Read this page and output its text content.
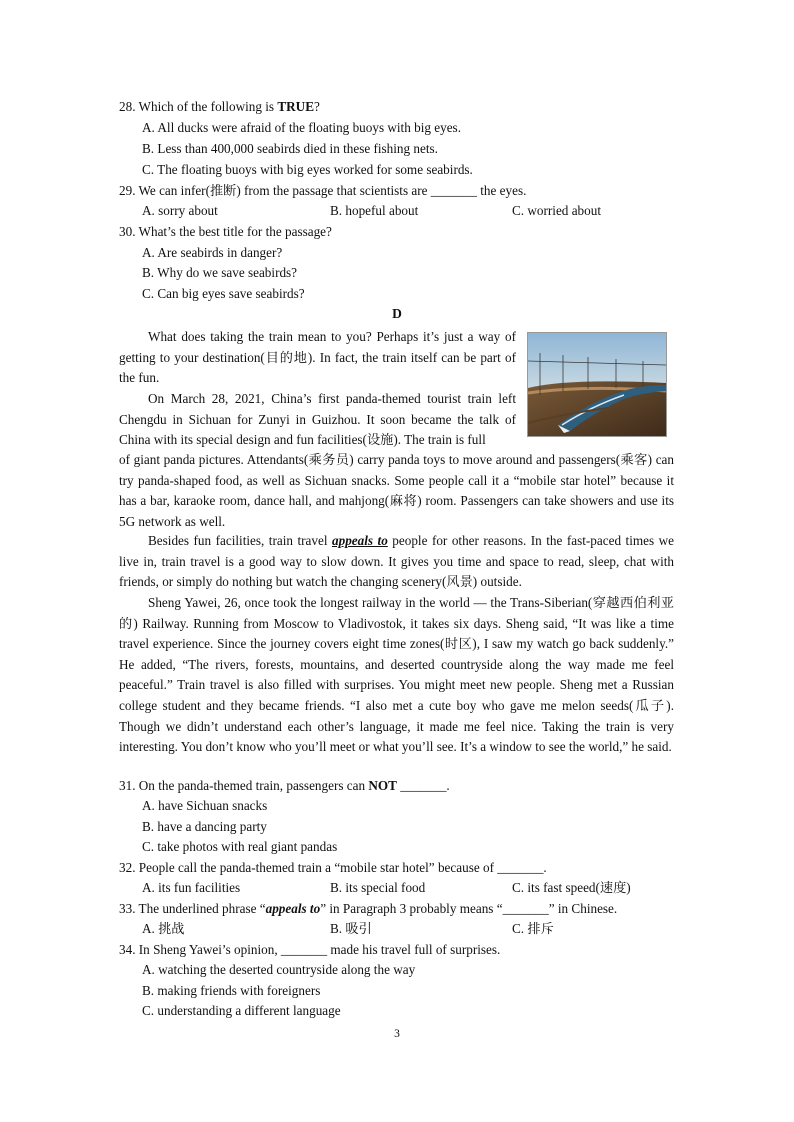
28. Which of the following is TRUE?
A. All ducks were afraid of the floating buoys with big eyes.
B. Less than 400,000 seabirds died in these fishing nets.
C. The floating buoys with big eyes worked for some seabirds.
29. We can infer(推断) from the passage that scientists are _______ the eyes.
A. sorry about	B. hopeful about	C. worried about
30. What’s the best title for the passage?
A. Are seabirds in danger?
B. Why do we save seabirds?
C. Can big eyes save seabirds?
D
What does taking the train mean to you? Perhaps it’s just a way of getting to your destination(目的地). In fact, the train itself can be part of the fun.
On March 28, 2021, China’s first panda-themed tourist train left Chengdu in Sichuan for Zunyi in Guizhou. It soon became the talk of China with its special design and fun facilities(设施). The train is full
of giant panda pictures. Attendants(乘务员) carry panda toys to move around and passengers(乘客) can try panda-shaped food, as well as Sichuan snacks. Some people call it a “mobile star hotel” because it has a bar, karaoke room, dance hall, and mahjong(麻将) room. Passengers can take showers and use its 5G network as well.
Besides fun facilities, train travel appeals to people for other reasons. In the fast-paced times we live in, train travel is a good way to slow down. It gives you time and space to read, sleep, chat with friends, or simply do nothing but watch the changing scenery(风景) outside.
Sheng Yawei, 26, once took the longest railway in the world — the Trans-Siberian(穿越西伯利亚的) Railway. Running from Moscow to Vladivostok, it takes six days. Sheng said, “It was like a time travel experience. Since the journey covers eight time zones(时区), I saw my watch go back suddenly.” He added, “The rivers, forests, mountains, and deserted countryside along the way made me feel peaceful.” Train travel is also filled with surprises. You might meet new people. Sheng met a Russian college student and they became friends. “I also met a cute boy who gave me melon seeds(瓜子). Though we didn’t understand each other’s language, it made me feel nice. Taking the train is very interesting. You don’t know who you’ll meet or what you’ll see. It’s a window to see the world,” he said.
31. On the panda-themed train, passengers can NOT _______.
A. have Sichuan snacks
B. have a dancing party
C. take photos with real giant pandas
32. People call the panda-themed train a “mobile star hotel” because of _______.
A. its fun facilities	B. its special food	C. its fast speed(速度)
33. The underlined phrase “appeals to” in Paragraph 3 probably means “_______” in Chinese.
A. 挑战	B. 吸引	C. 排斥
34. In Sheng Yawei’s opinion, _______ made his travel full of surprises.
A. watching the deserted countryside along the way
B. making friends with foreigners
C. understanding a different language
3
